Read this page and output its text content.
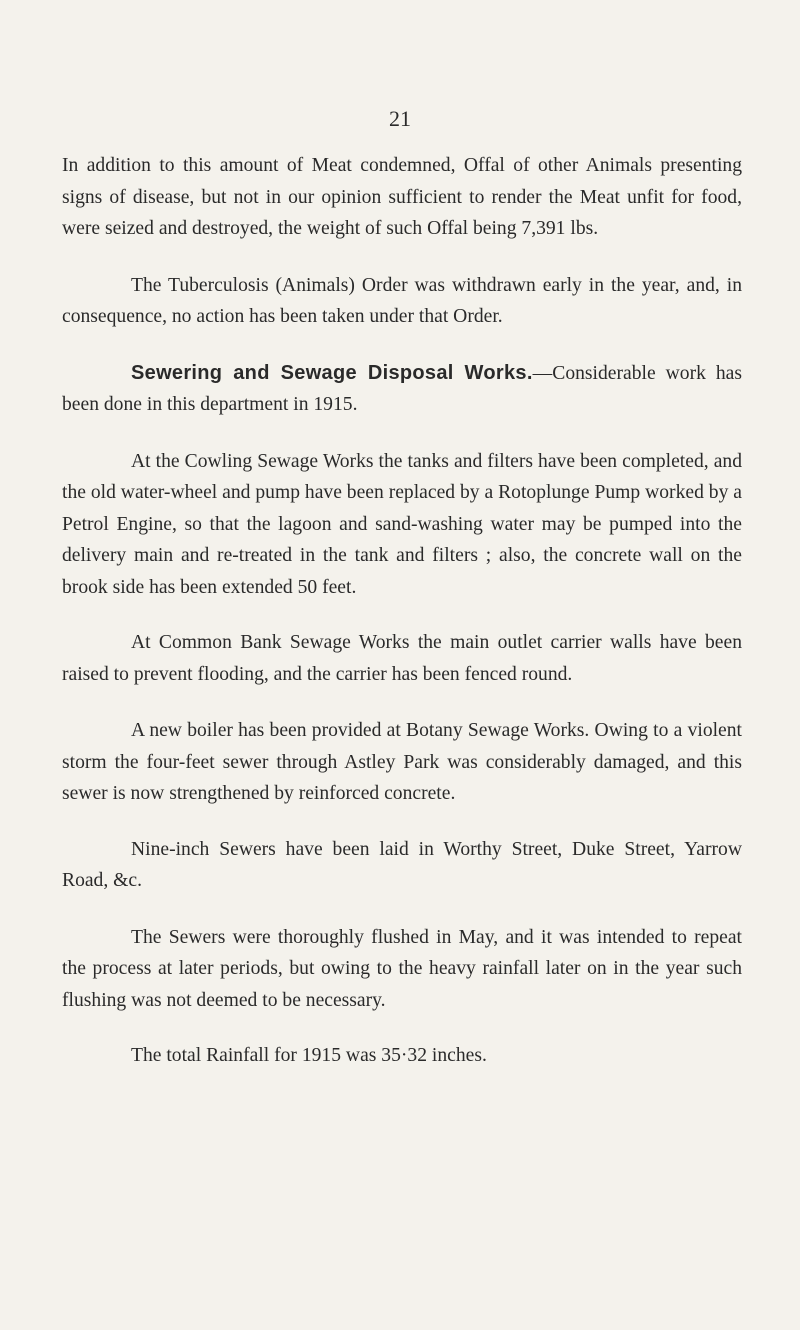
21

In addition to this amount of Meat condemned, Offal of other Animals presenting signs of disease, but not in our opinion sufficient to render the Meat unfit for food, were seized and destroyed, the weight of such Offal being 7,391 lbs.

The Tuberculosis (Animals) Order was withdrawn early in the year, and, in consequence, no action has been taken under that Order.

Sewering and Sewage Disposal Works.—Considerable work has been done in this department in 1915.

At the Cowling Sewage Works the tanks and filters have been completed, and the old water-wheel and pump have been replaced by a Rotoplunge Pump worked by a Petrol Engine, so that the lagoon and sand-washing water may be pumped into the delivery main and re-treated in the tank and filters ; also, the concrete wall on the brook side has been extended 50 feet.

At Common Bank Sewage Works the main outlet carrier walls have been raised to prevent flooding, and the carrier has been fenced round.

A new boiler has been provided at Botany Sewage Works. Owing to a violent storm the four-feet sewer through Astley Park was considerably damaged, and this sewer is now strengthened by reinforced concrete.

Nine-inch Sewers have been laid in Worthy Street, Duke Street, Yarrow Road, &c.

The Sewers were thoroughly flushed in May, and it was intended to repeat the process at later periods, but owing to the heavy rainfall later on in the year such flushing was not deemed to be necessary.

The total Rainfall for 1915 was 35·32 inches.
